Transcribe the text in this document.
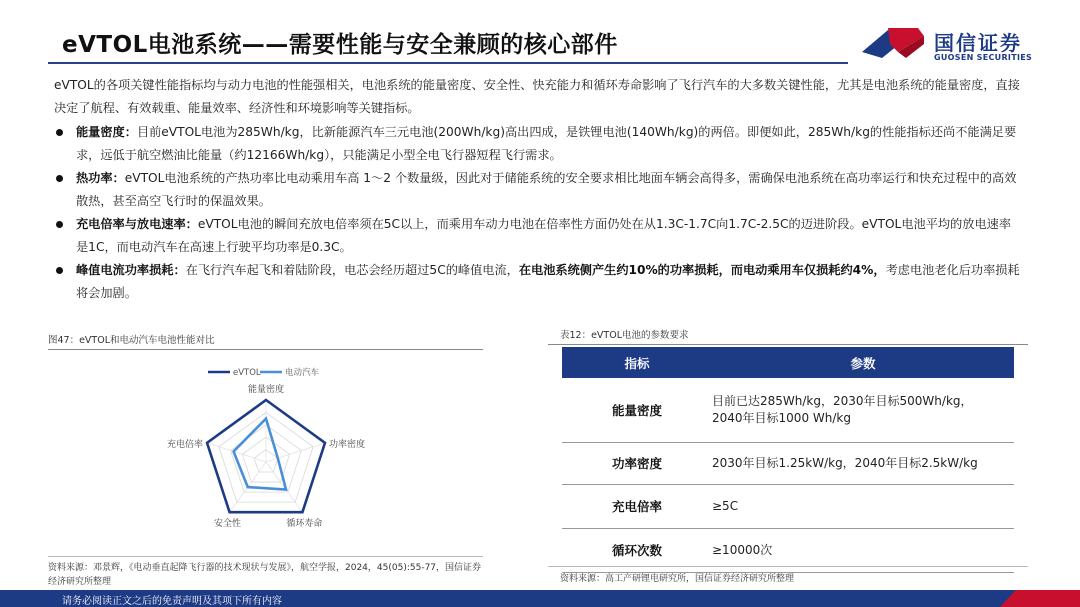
eVTOL电池系统——需要性能与安全兼顾的核心部件	国信证券
GUOSEN SECURITIES
eVTOL的各项关键性能指标均与动力电池的性能强相关，电池系统的能量密度、安全性、快充能力和循环寿命影响了飞行汽车的大多数关键性能，尤其是电池系统的能量密度，直接决定了航程、有效载重、能量效率、经济性和环境影响等关键指标。
能量密度：目前eVTOL电池为285Wh/kg，比新能源汽车三元电池(200Wh/kg)高出四成，是铁锂电池(140Wh/kg)的两倍。即便如此，285Wh/kg的性能指标还尚不能满足要求，远低于航空燃油比能量（约12166Wh/kg），只能满足小型全电飞行器短程飞行需求。
热功率：eVTOL电池系统的产热功率比电动乘用车高 1～2 个数量级，因此对于储能系统的安全要求相比地面车辆会高得多，需确保电池系统在高功率运行和快充过程中的高效散热，甚至高空飞行时的保温效果。
充电倍率与放电速率：eVTOL电池的瞬间充放电倍率须在5C以上，而乘用车动力电池在倍率性方面仍处在从1.3C-1.7C向1.7C-2.5C的迈进阶段。eVTOL电池平均的放电速率是1C，而电动汽车在高速上行驶平均功率是0.3C。
峰值电流功率损耗：在飞行汽车起飞和着陆阶段，电芯会经历超过5C的峰值电流，在电池系统侧产生约10%的功率损耗，而电动乘用车仅损耗约4%，考虑电池老化后功率损耗将会加剧。
图47：eVTOL和电动汽车电池性能对比
能量密度
功率密度
循环寿命
安全性
充电倍率
eVTOL	电动汽车
资料来源：邓景辉，《电动垂直起降飞行器的技术现状与发展》，航空学报，2024，45(05):55-77，国信证券经济研究所整理
表12：eVTOL电池的参数要求
指标	参数
能量密度	目前已达285Wh/kg，2030年目标500Wh/kg，2040年目标1000 Wh/kg
功率密度	2030年目标1.25kW/kg，2040年目标2.5kW/kg
充电倍率	≥5C
循环次数	≥10000次
资料来源：高工产研锂电研究所，国信证券经济研究所整理
请务必阅读正文之后的免责声明及其项下所有内容
